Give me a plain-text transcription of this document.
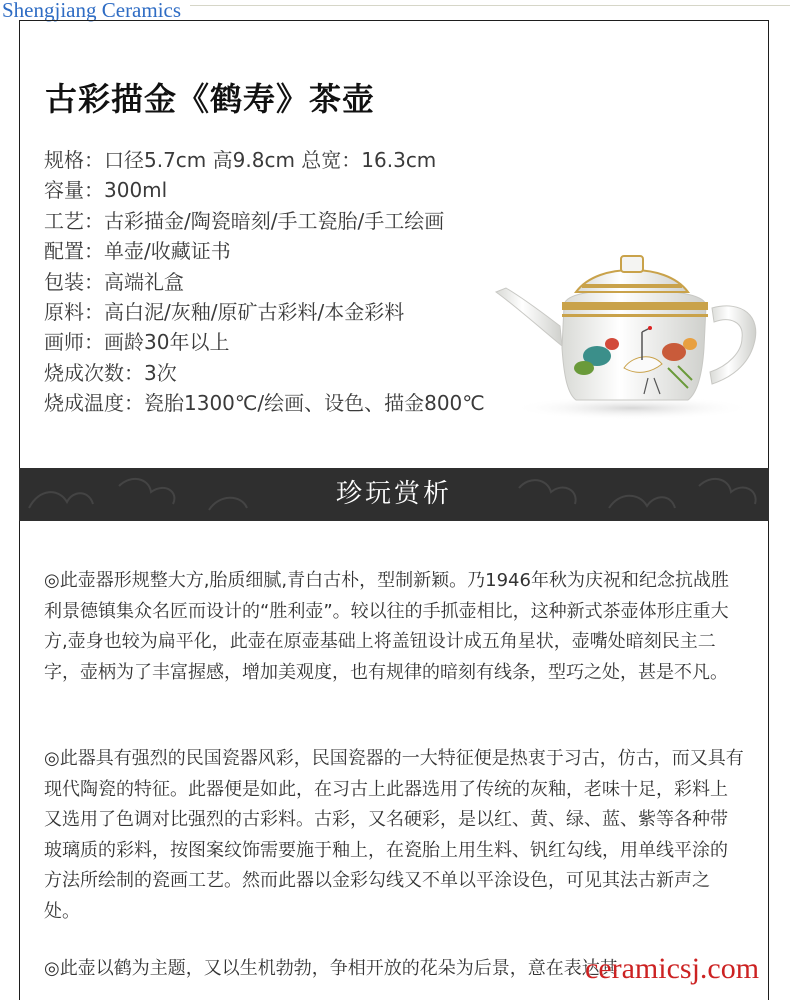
Shengjiang Ceramics
古彩描金《鹤寿》茶壶
规格：口径5.7cm 高9.8cm 总宽：16.3cm
容量：300ml
工艺：古彩描金/陶瓷暗刻/手工瓷胎/手工绘画
配置：单壶/收藏证书
包装：高端礼盒
原料：高白泥/灰釉/原矿古彩料/本金彩料
画师：画龄30年以上
烧成次数：3次
烧成温度：瓷胎1300℃/绘画、设色、描金800℃
珍玩赏析

◎此壶器形规整大方,胎质细腻,青白古朴，型制新颖。乃1946年秋为庆祝和纪念抗战胜利景德镇集众名匠而设计的“胜利壶”。较以往的手抓壶相比，这种新式茶壶体形庄重大方,壶身也较为扁平化，此壶在原壶基础上将盖钮设计成五角星状，壶嘴处暗刻民主二字，壶柄为了丰富握感，增加美观度，也有规律的暗刻有线条，型巧之处，甚是不凡。

◎此器具有强烈的民国瓷器风彩，民国瓷器的一大特征便是热衷于习古，仿古，而又具有现代陶瓷的特征。此器便是如此，在习古上此器选用了传统的灰釉，老味十足，彩料上又选用了色调对比强烈的古彩料。古彩，又名硬彩，是以红、黄、绿、蓝、紫等各种带玻璃质的彩料，按图案纹饰需要施于釉上，在瓷胎上用生料、钒红勾线，用单线平涂的方法所绘制的瓷画工艺。然而此器以金彩勾线又不单以平涂设色，可见其法古新声之处。

◎此壶以鹤为主题，又以生机勃勃，争相开放的花朵为后景，意在表达其

ceramicsj.com
